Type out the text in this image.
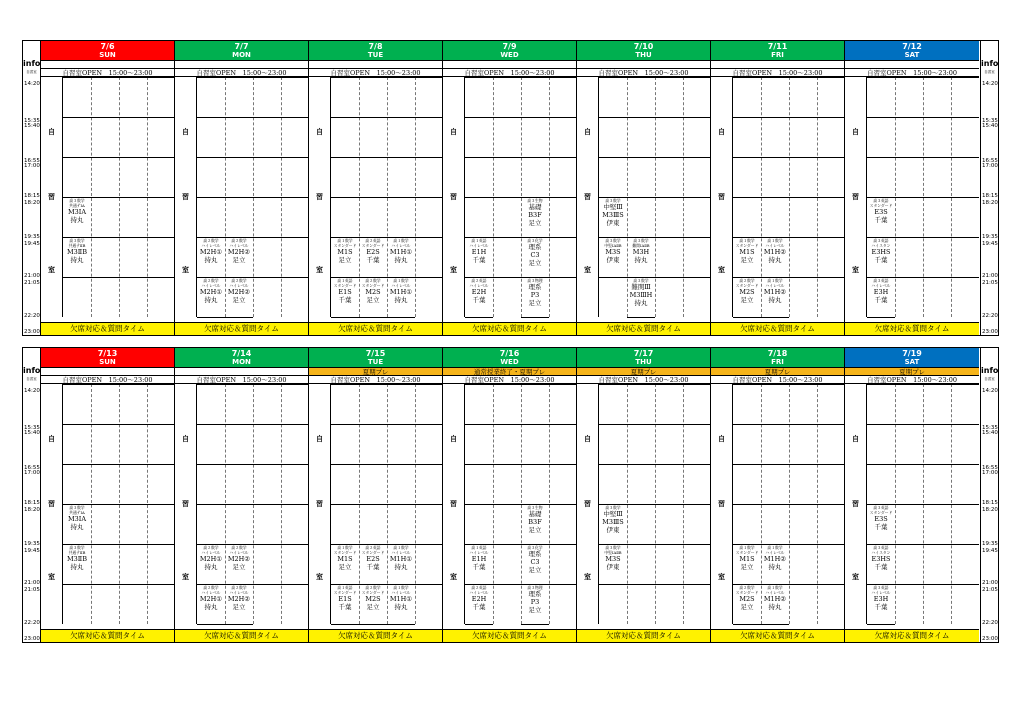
info
自習室
14:20
15:35
15:40
16:55
17:00
18:15
18:20
19:35
19:45
21:00
21:05
22:20
23:00
info
自習室
14:20
15:35
15:40
16:55
17:00
18:15
18:20
19:35
19:45
21:00
21:05
22:20
23:00
7/6
SUN
自習室OPEN　15:00～23:00
自
習
室
高３数学
共通テIA
M3ⅠA
持丸
高３数学
共通テⅡB
M3ⅡB
持丸
欠席対応＆質問タイム
7/7
MON
自習室OPEN　15:00～23:00
自
習
室
高２数学
ハイレベル
M2H①
持丸
高２数学
ハイレベル
M2H②
足立
高２数学
ハイレベル
M2H①
持丸
高２数学
ハイレベル
M2H②
足立
欠席対応＆質問タイム
7/8
TUE
自習室OPEN　15:00～23:00
自
習
室
高１数学
スタンダード
M1S
足立
高２英語
スタンダード
E2S
千葉
高１数学
ハイレベル
M1H①
持丸
高１英語
スタンダード
E1S
千葉
高２数学
スタンダード
M2S
足立
高１数学
ハイレベル
M1H①
持丸
欠席対応＆質問タイム
7/9
WED
自習室OPEN　15:00～23:00
自
習
室
高３生物
基礎
B3F
足立
高１英語
ハイレベル
E1H
千葉
高３化学
理系
C3
足立
高２英語
ハイレベル
E2H
千葉
高３物理
理系
P3
足立
欠席対応＆質問タイム
7/10
THU
自習室OPEN　15:00～23:00
自
習
室
高３数学
中堅Ⅲ
M3ⅢS
伊東
高３数学
中堅ⅠAⅡB
M3S
伊東
高３数学
難関ⅠAⅡB
M3H
持丸
高３数学
難関Ⅲ
M3ⅢH
持丸
欠席対応＆質問タイム
7/11
FRI
自習室OPEN　15:00～23:00
自
習
室
高１数学
スタンダード
M1S
足立
高１数学
ハイレベル
M1H②
持丸
高２数学
スタンダード
M2S
足立
高１数学
ハイレベル
M1H②
持丸
欠席対応＆質問タイム
7/12
SAT
自習室OPEN　15:00～23:00
自
習
室
高３英語
スタンダード
E3S
千葉
高３英語
ハイスタン
E3HS
千葉
高３英語
ハイレベル
E3H
千葉
欠席対応＆質問タイム
info
自習室
14:20
15:35
15:40
16:55
17:00
18:15
18:20
19:35
19:45
21:00
21:05
22:20
23:00
info
自習室
14:20
15:35
15:40
16:55
17:00
18:15
18:20
19:35
19:45
21:00
21:05
22:20
23:00
7/13
SUN
自習室OPEN　15:00～23:00
自
習
室
高３数学
共通テIA
M3ⅠA
持丸
高３数学
共通テⅡB
M3ⅡB
持丸
欠席対応＆質問タイム
7/14
MON
自習室OPEN　15:00～23:00
自
習
室
高２数学
ハイレベル
M2H①
持丸
高２数学
ハイレベル
M2H②
足立
高２数学
ハイレベル
M2H①
持丸
高２数学
ハイレベル
M2H②
足立
欠席対応＆質問タイム
7/15
TUE
夏期プレ
自習室OPEN　15:00～23:00
自
習
室
高１数学
スタンダード
M1S
足立
高２英語
スタンダード
E2S
千葉
高１数学
ハイレベル
M1H①
持丸
高１英語
スタンダード
E1S
千葉
高２数学
スタンダード
M2S
足立
高１数学
ハイレベル
M1H①
持丸
欠席対応＆質問タイム
7/16
WED
通常授業終了・夏期プレ
自習室OPEN　15:00～23:00
自
習
室
高３生物
基礎
B3F
足立
高１英語
ハイレベル
E1H
千葉
高３化学
理系
C3
足立
高２英語
ハイレベル
E2H
千葉
高３物理
理系
P3
足立
欠席対応＆質問タイム
7/17
THU
夏期プレ
自習室OPEN　15:00～23:00
自
習
室
高３数学
中堅Ⅲ
M3ⅢS
伊東
高３数学
中堅ⅠAⅡB
M3S
伊東
欠席対応＆質問タイム
7/18
FRI
夏期プレ
自習室OPEN　15:00～23:00
自
習
室
高１数学
スタンダード
M1S
足立
高１数学
ハイレベル
M1H②
持丸
高２数学
スタンダード
M2S
足立
高１数学
ハイレベル
M1H②
持丸
欠席対応＆質問タイム
7/19
SAT
夏期プレ
自習室OPEN　15:00～23:00
自
習
室
高３英語
スタンダード
E3S
千葉
高３英語
ハイスタン
E3HS
千葉
高３英語
ハイレベル
E3H
千葉
欠席対応＆質問タイム
